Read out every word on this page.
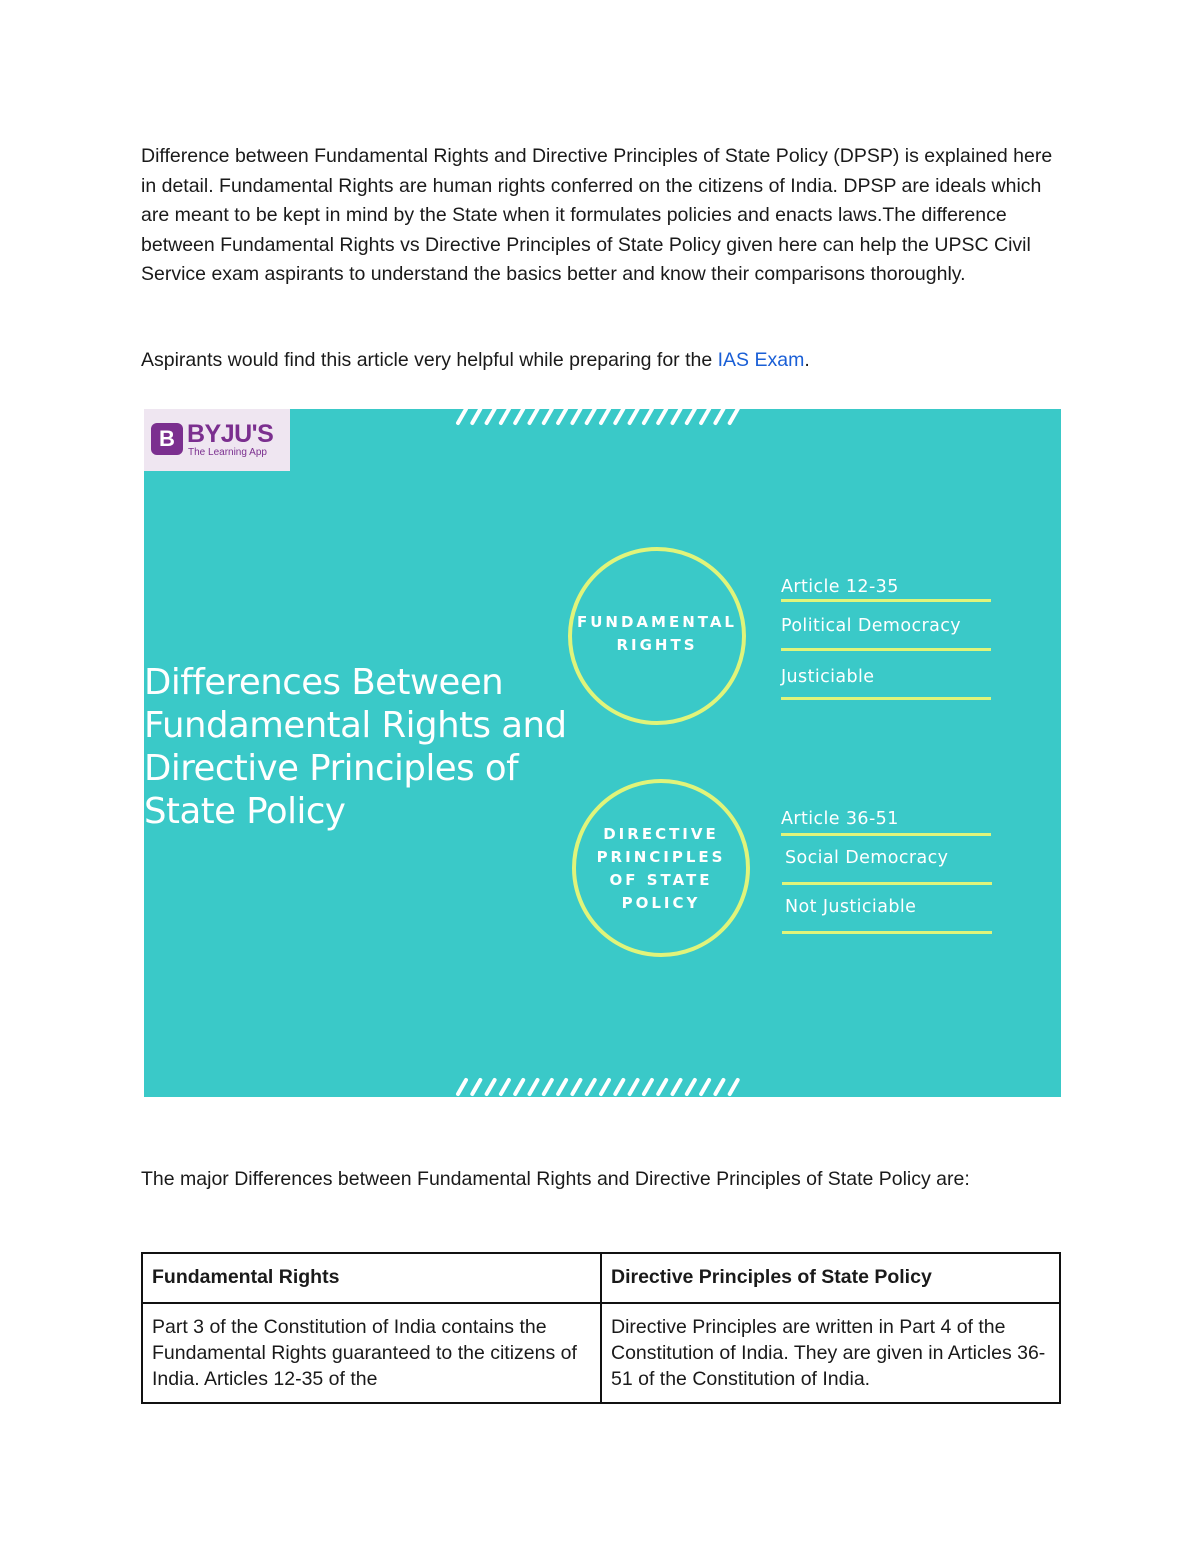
Difference between Fundamental Rights and Directive Principles of State Policy (DPSP) is explained here in detail. Fundamental Rights are human rights conferred on the citizens of India. DPSP are ideals which are meant to be kept in mind by the State when it formulates policies and enacts laws.The difference between Fundamental Rights vs Directive Principles of State Policy given here can help the UPSC Civil Service exam aspirants to understand the basics better and know their comparisons thoroughly.

Aspirants would find this article very helpful while preparing for the IAS Exam.

B BYJU'S
The Learning App
Differences Between
Fundamental Rights and
Directive Principles of
State Policy
FUNDAMENTAL
RIGHTS
DIRECTIVE
PRINCIPLES
OF STATE
POLICY
Article 12-35
Political Democracy
Justiciable
Article 36-51
Social Democracy
Not Justiciable

The major Differences between Fundamental Rights and Directive Principles of State Policy are:

Fundamental Rights	Directive Principles of State Policy
Part 3 of the Constitution of India contains the Fundamental Rights guaranteed to the citizens of India. Articles 12-35 of the	Directive Principles are written in Part 4 of the Constitution of India. They are given in Articles 36-51 of the Constitution of India.
